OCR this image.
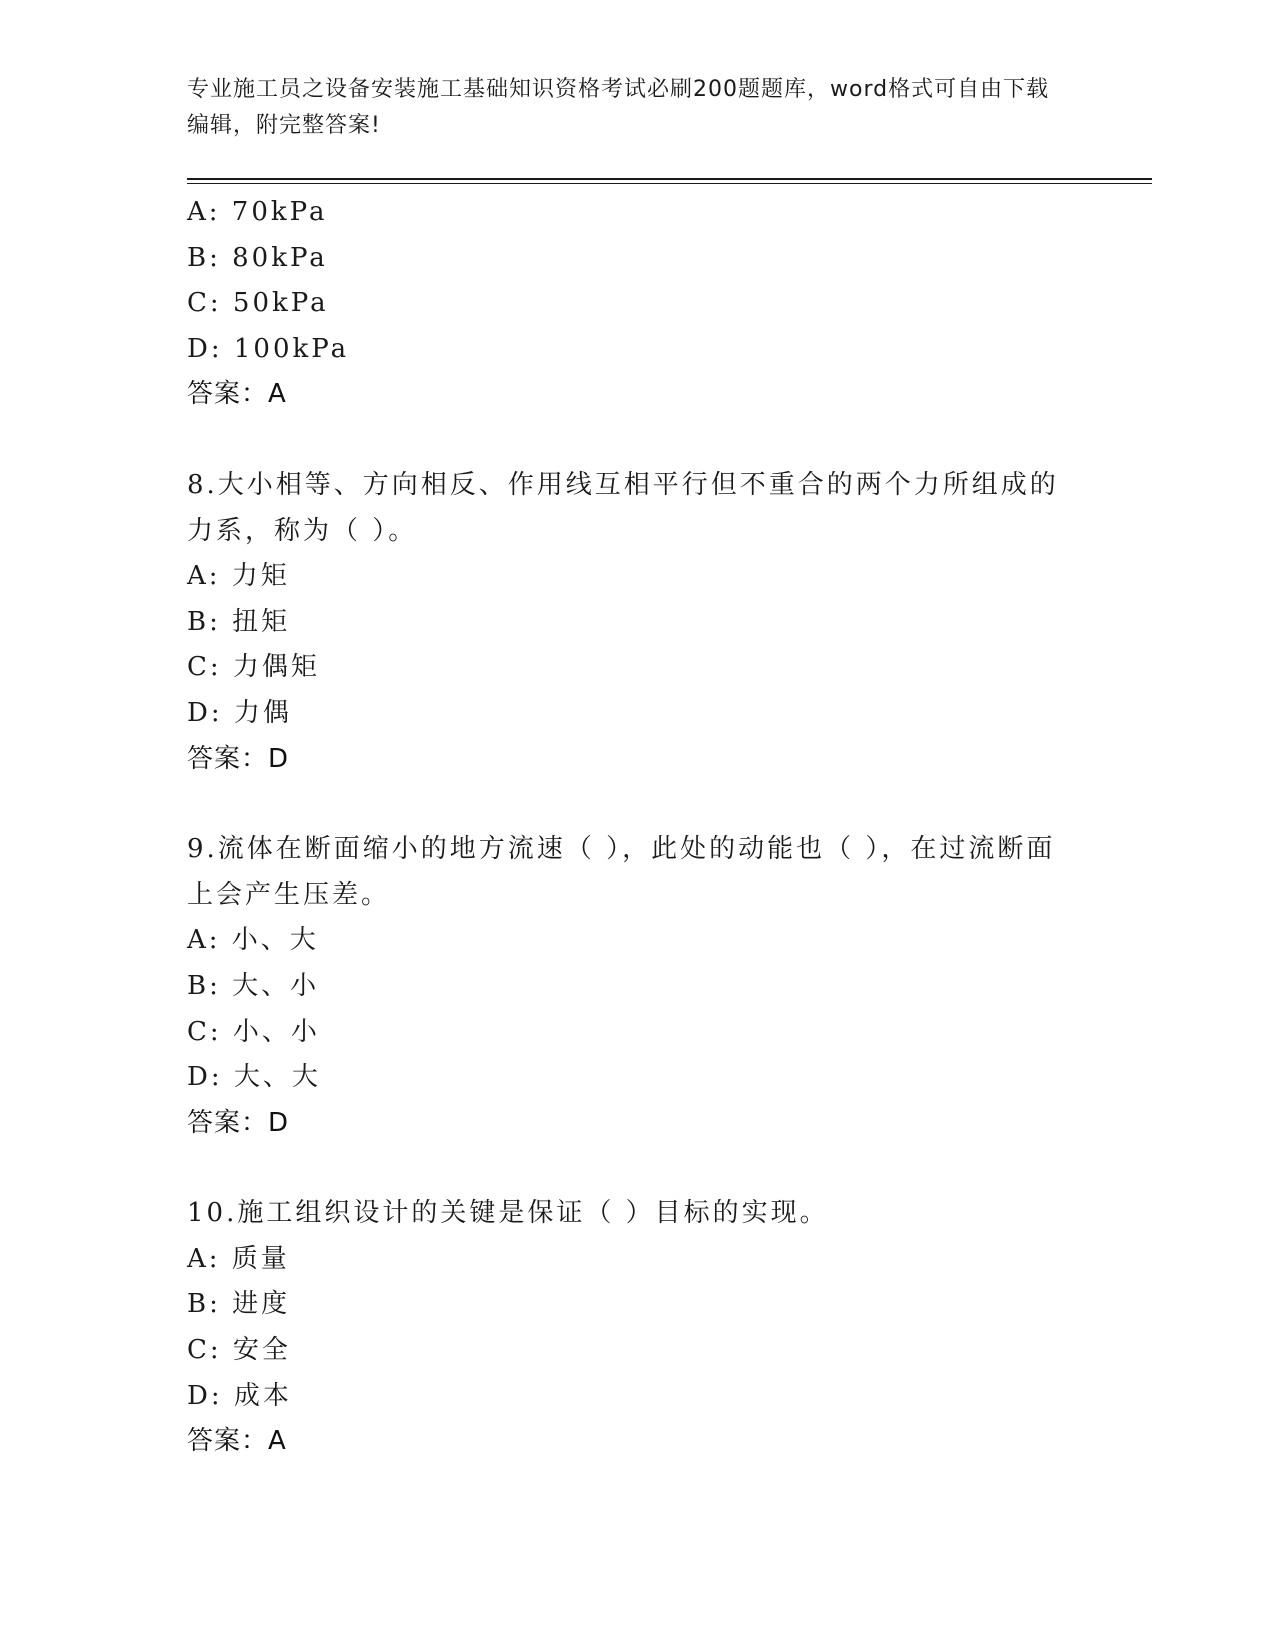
专业施工员之设备安装施工基础知识资格考试必刷200题题库，word格式可自由下载编辑，附完整答案!
A: 70kPa
B: 80kPa
C: 50kPa
D: 100kPa
答案：A
8.大小相等、方向相反、作用线互相平行但不重合的两个力所组成的力系，称为（ ）。
A: 力矩
B: 扭矩
C: 力偶矩
D: 力偶
答案：D
9.流体在断面缩小的地方流速（ ），此处的动能也（ ），在过流断面上会产生压差。
A: 小、大
B: 大、小
C: 小、小
D: 大、大
答案：D
10.施工组织设计的关键是保证（ ）目标的实现。
A: 质量
B: 进度
C: 安全
D: 成本
答案：A
